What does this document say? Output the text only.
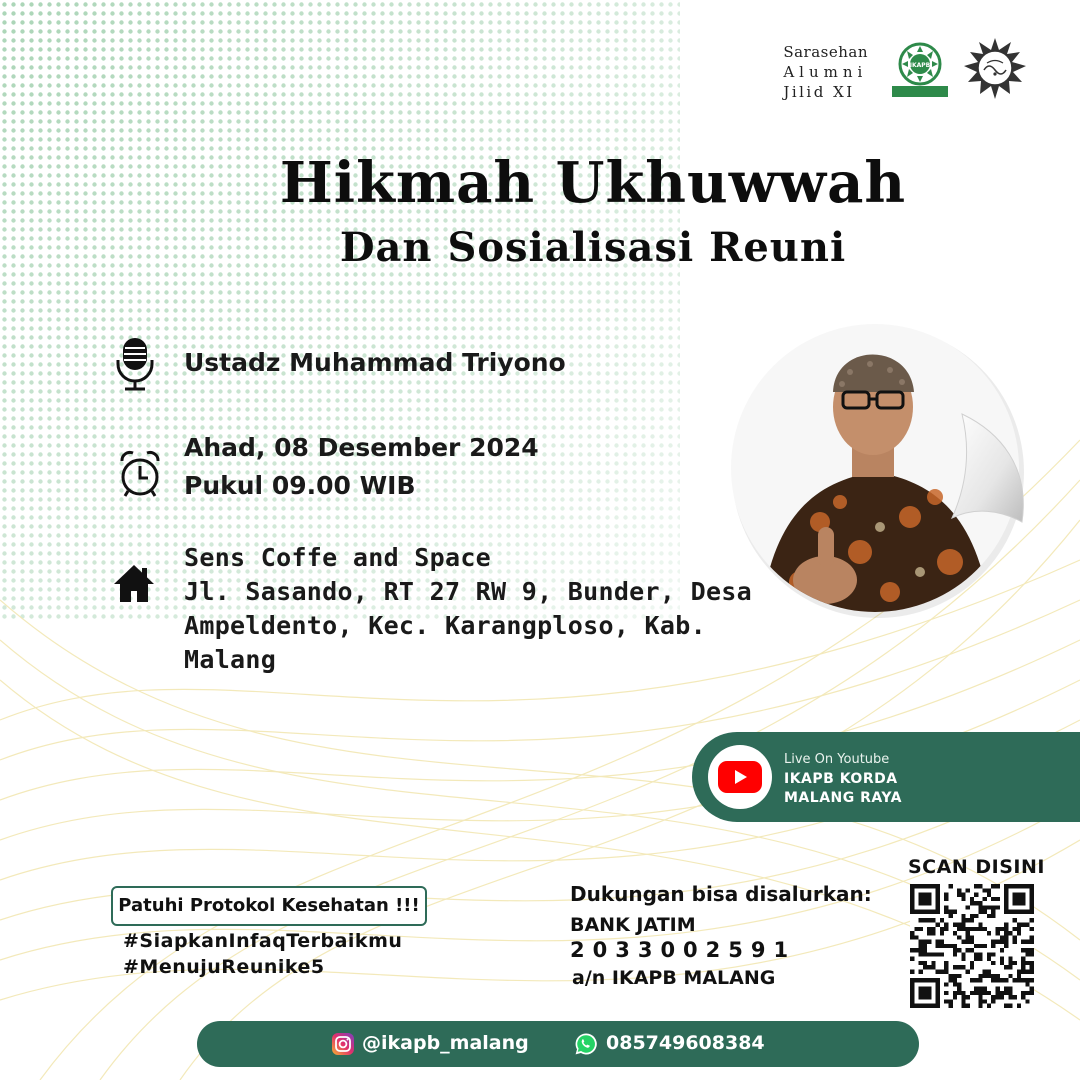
Sarasehan
Alumni
Jilid XI
IKAPB
Hikmah Ukhuwwah
Dan Sosialisasi Reuni
Ustadz Muhammad Triyono
Ahad, 08 Desember 2024
Pukul 09.00 WIB
Sens Coffe and Space
Jl. Sasando, RT 27 RW 9, Bunder, Desa
Ampeldento, Kec. Karangploso, Kab.
Malang
Live On Youtube
IKAPB KORDA
MALANG RAYA
Patuhi Protokol Kesehatan !!!
#SiapkanInfaqTerbaikmu
#MenujuReunike5
Dukungan bisa disalurkan:
BANK JATIM
2033002591
a/n IKAPB MALANG
SCAN DISINI
@ikapb_malang	085749608384
